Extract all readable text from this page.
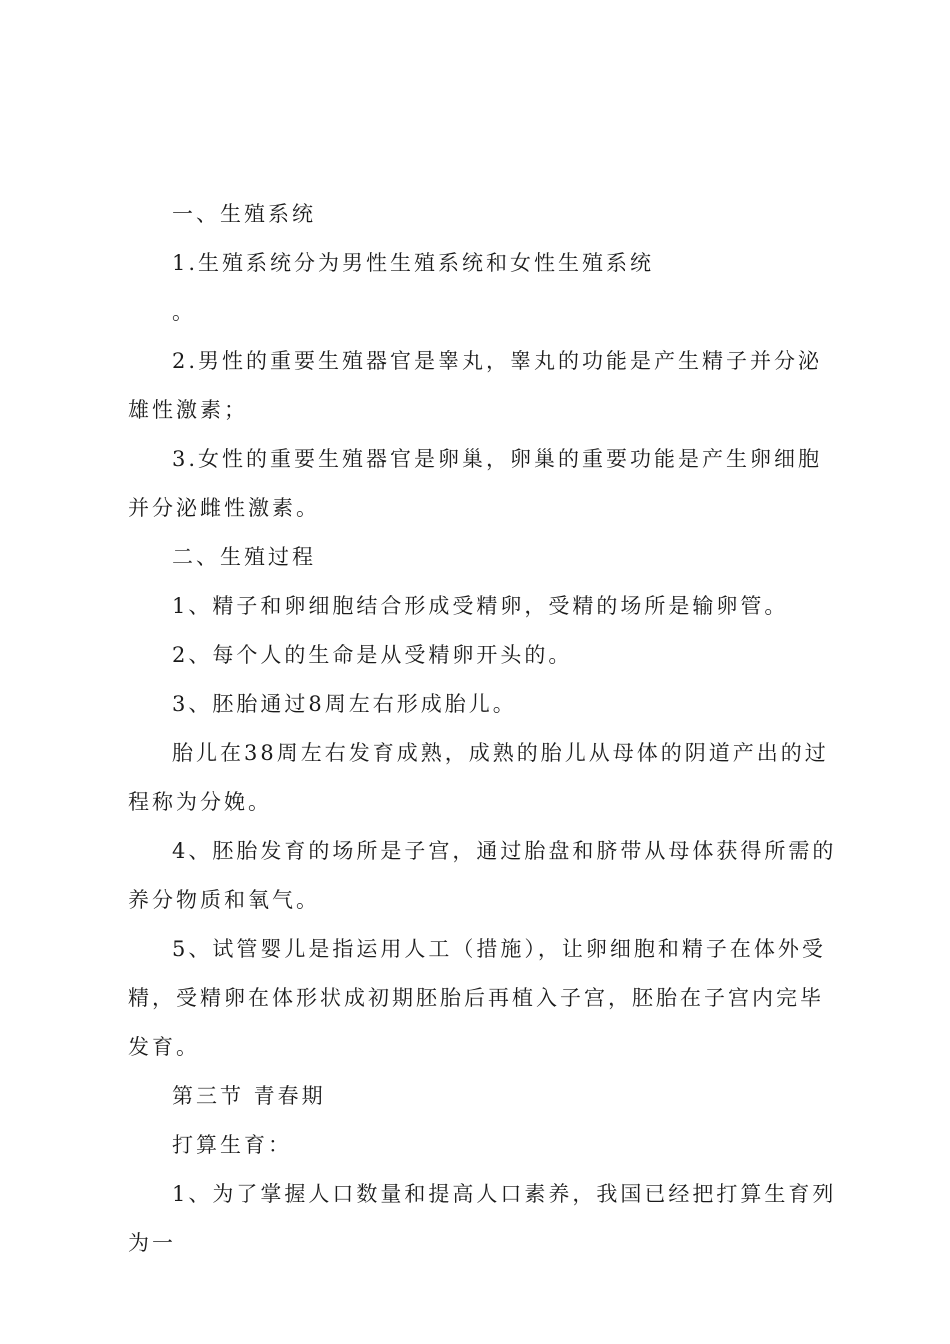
一、生殖系统

1.生殖系统分为男性生殖系统和女性生殖系统

。

2.男性的重要生殖器官是睾丸，睾丸的功能是产生精子并分泌雄性激素；

3.女性的重要生殖器官是卵巢，卵巢的重要功能是产生卵细胞并分泌雌性激素。

二、生殖过程

1、精子和卵细胞结合形成受精卵，受精的场所是输卵管。

2、每个人的生命是从受精卵开头的。

3、胚胎通过8周左右形成胎儿。

胎儿在38周左右发育成熟，成熟的胎儿从母体的阴道产出的过程称为分娩。

4、胚胎发育的场所是子宫，通过胎盘和脐带从母体获得所需的养分物质和氧气。

5、试管婴儿是指运用人工（措施），让卵细胞和精子在体外受精，受精卵在体形状成初期胚胎后再植入子宫，胚胎在子宫内完毕发育。

第三节 青春期

打算生育：

1、为了掌握人口数量和提高人口素养，我国已经把打算生育列为一
